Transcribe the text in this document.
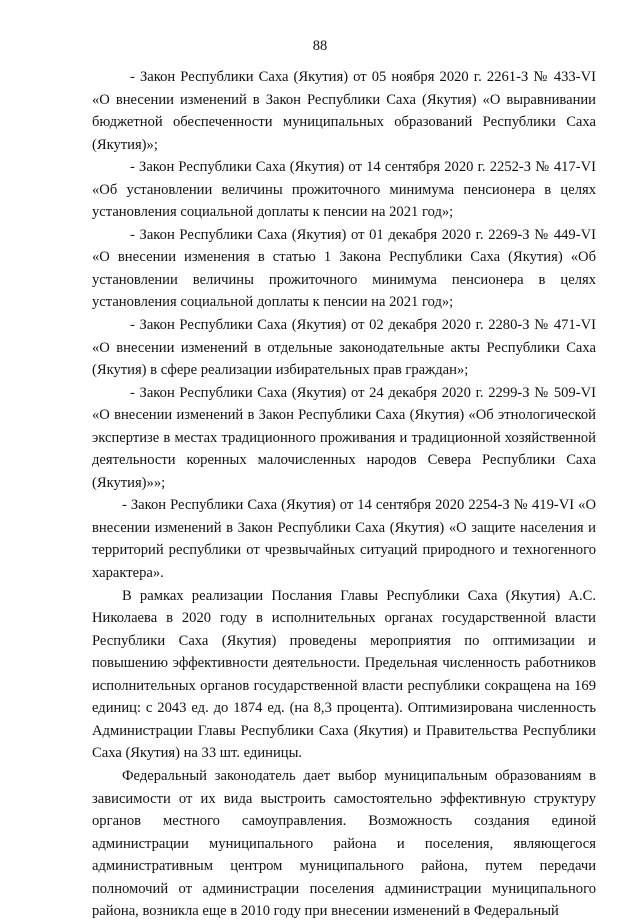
88

- Закон Республики Саха (Якутия) от 05 ноября 2020 г. 2261-З № 433-VI «О внесении изменений в Закон Республики Саха (Якутия) «О выравнивании бюджетной обеспеченности муниципальных образований Республики Саха (Якутия)»;

- Закон Республики Саха (Якутия) от 14 сентября 2020 г. 2252-З № 417-VI «Об установлении величины прожиточного минимума пенсионера в целях установления социальной доплаты к пенсии на 2021 год»;

- Закон Республики Саха (Якутия) от 01 декабря 2020 г. 2269-З № 449-VI «О внесении изменения в статью 1 Закона Республики Саха (Якутия) «Об установлении величины прожиточного минимума пенсионера в целях установления социальной доплаты к пенсии на 2021 год»;

- Закон Республики Саха (Якутия) от 02 декабря 2020 г. 2280-З № 471-VI «О внесении изменений в отдельные законодательные акты Республики Саха (Якутия) в сфере реализации избирательных прав граждан»;

- Закон Республики Саха (Якутия) от 24 декабря 2020 г. 2299-З № 509-VI «О внесении изменений в Закон Республики Саха (Якутия) «Об этнологической экспертизе в местах традиционного проживания и традиционной хозяйственной деятельности коренных малочисленных народов Севера Республики Саха (Якутия)»»;

- Закон Республики Саха (Якутия) от 14 сентября 2020 2254-З № 419-VI «О внесении изменений в Закон Республики Саха (Якутия) «О защите населения и территорий республики от чрезвычайных ситуаций природного и техногенного характера».

В рамках реализации Послания Главы Республики Саха (Якутия) А.С. Николаева в 2020 году в исполнительных органах государственной власти Республики Саха (Якутия) проведены мероприятия по оптимизации и повышению эффективности деятельности. Предельная численность работников исполнительных органов государственной власти республики сокращена на 169 единиц: с 2043 ед. до 1874 ед. (на 8,3 процента). Оптимизирована численность Администрации Главы Республики Саха (Якутия) и Правительства Республики Саха (Якутия) на 33 шт. единицы.

Федеральный законодатель дает выбор муниципальным образованиям в зависимости от их вида выстроить самостоятельно эффективную структуру органов местного самоуправления. Возможность создания единой администрации муниципального района и поселения, являющегося административным центром муниципального района, путем передачи полномочий от администрации поселения администрации муниципального района, возникла еще в 2010 году при внесении изменений в Федеральный
